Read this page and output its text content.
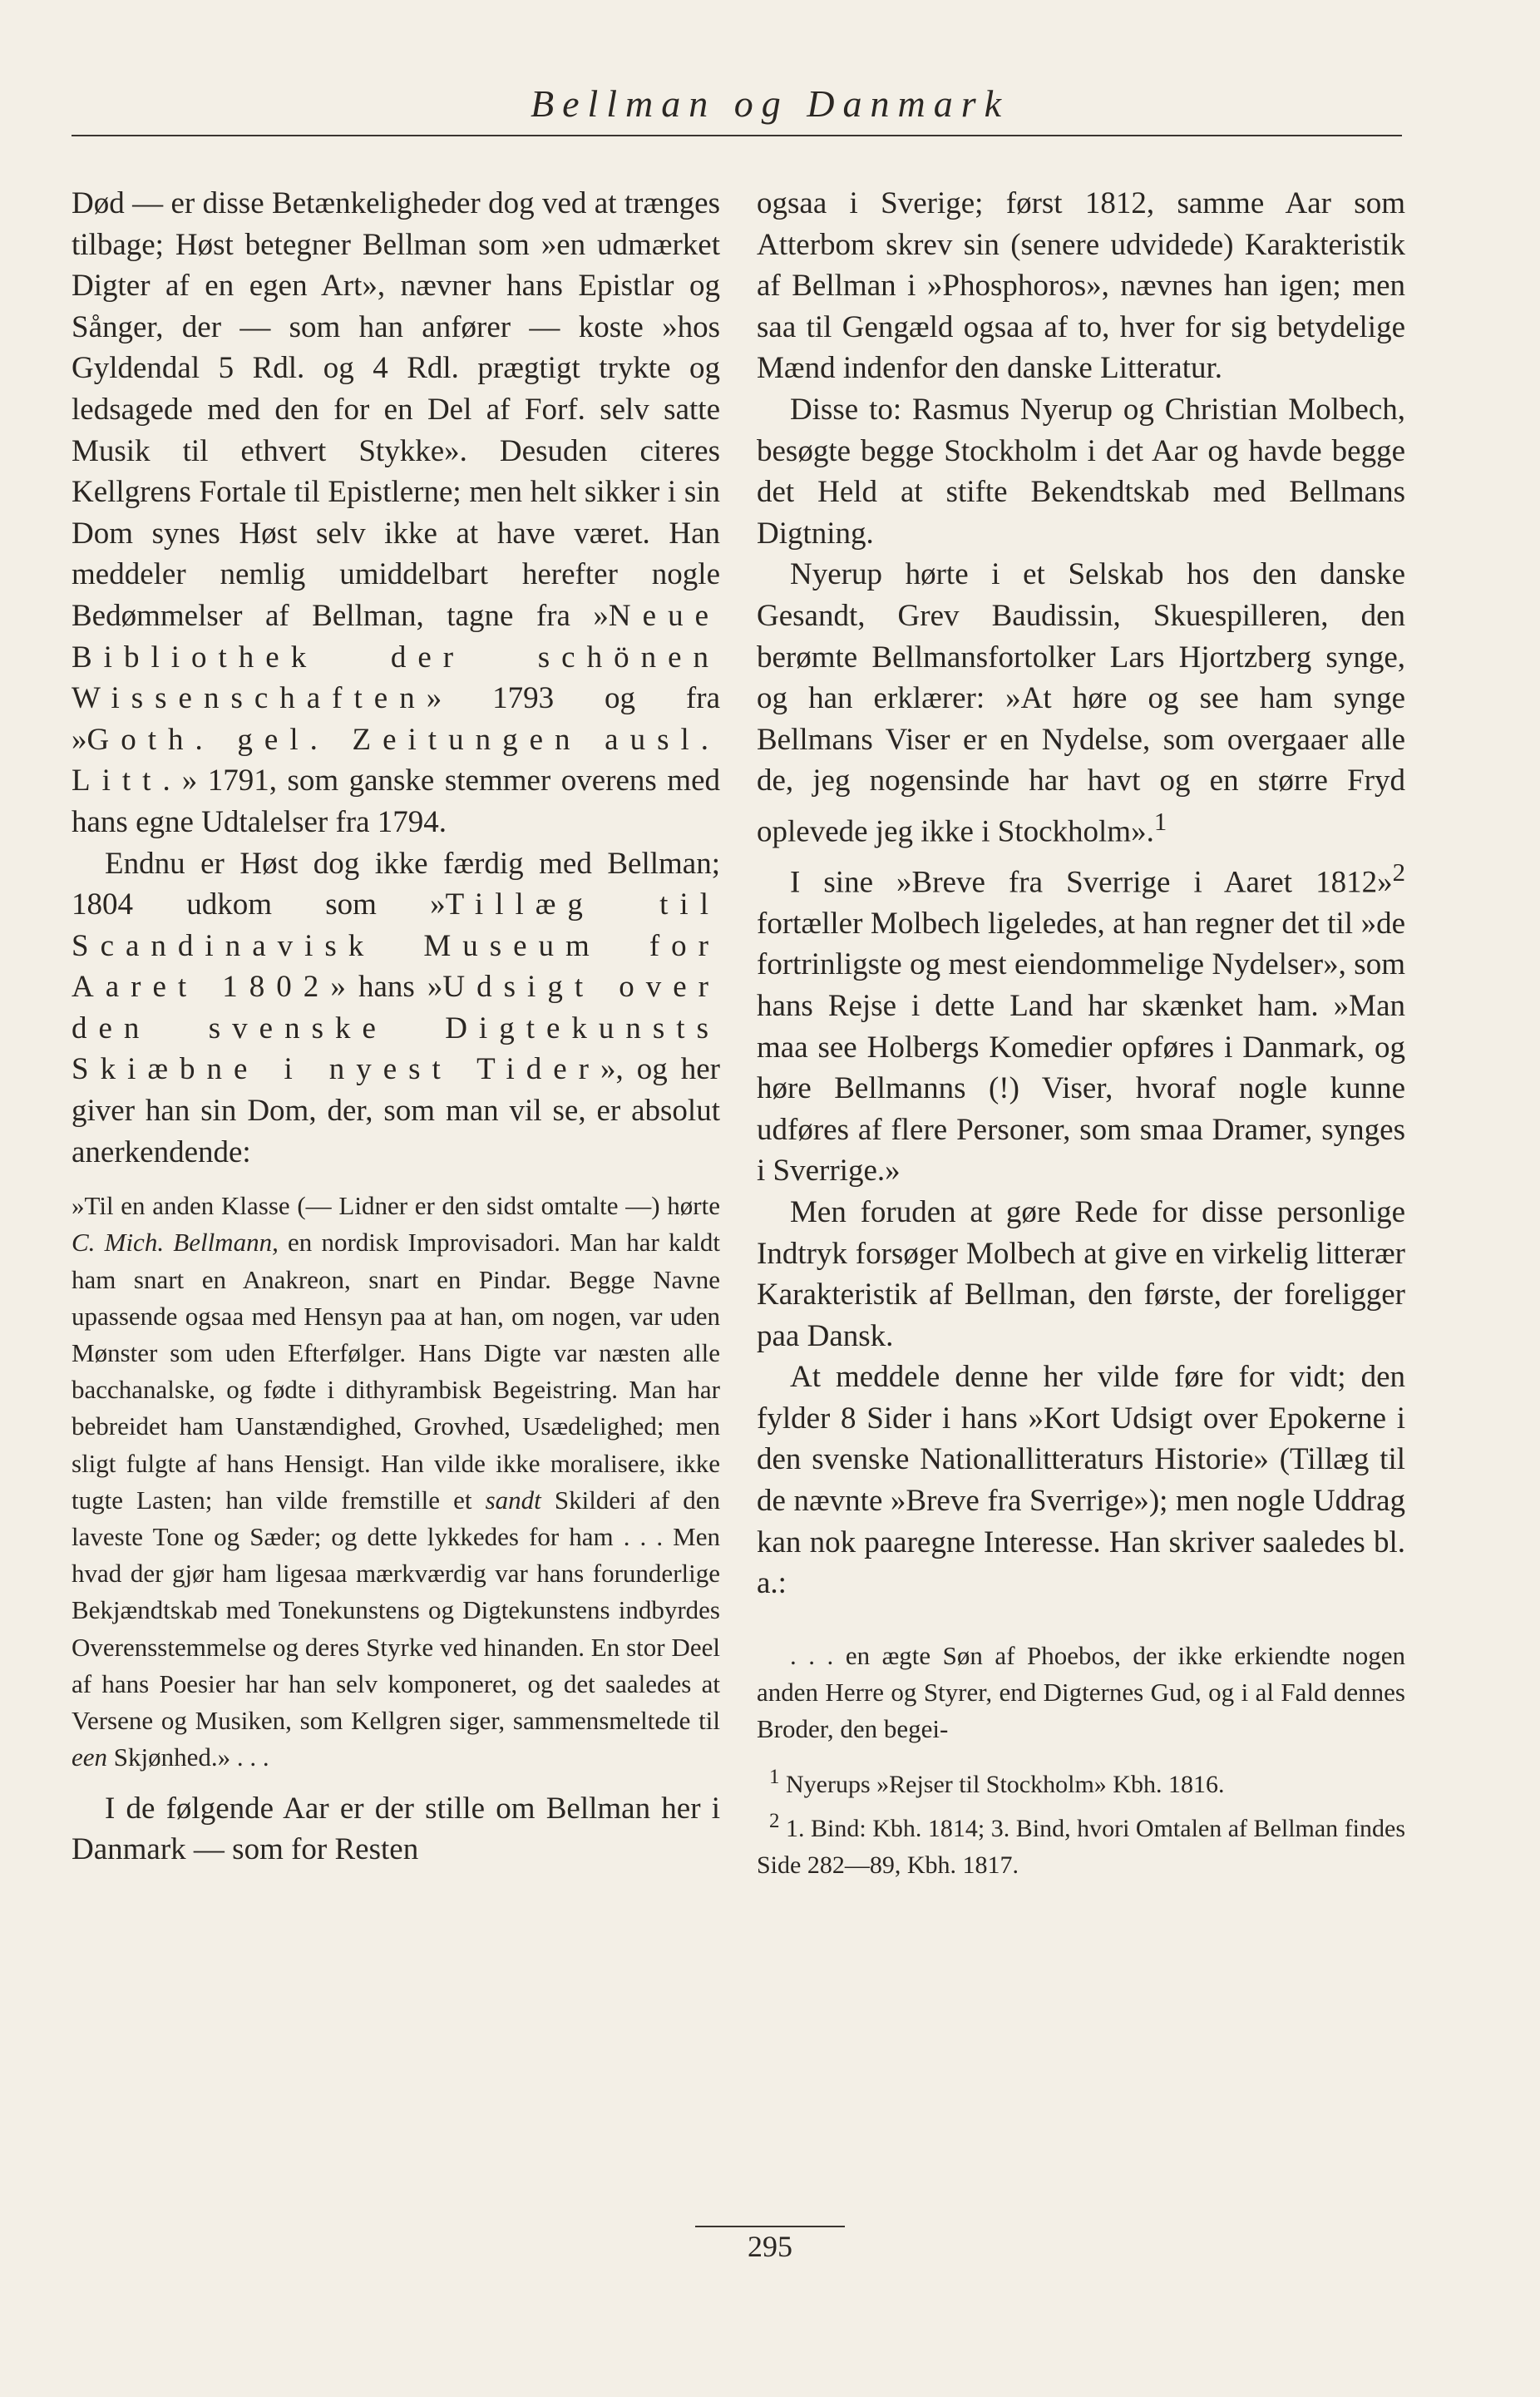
Bellman og Danmark

Død — er disse Betænkeligheder dog ved at trænges tilbage; Høst betegner Bellman som »en udmærket Digter af en egen Art», nævner hans Epistlar og Sånger, der — som han anfører — koste »hos Gyldendal 5 Rdl. og 4 Rdl. prægtigt trykte og ledsagede med den for en Del af Forf. selv satte Musik til ethvert Stykke». Desuden citeres Kellgrens Fortale til Epistlerne; men helt sikker i sin Dom synes Høst selv ikke at have været. Han meddeler nemlig umiddelbart herefter nogle Bedømmelser af Bellman, tagne fra »Neue Bibliothek der schönen Wissenschaften» 1793 og fra »Goth. gel. Zeitungen ausl. Litt.» 1791, som ganske stemmer overens med hans egne Udtalelser fra 1794.

Endnu er Høst dog ikke færdig med Bellman; 1804 udkom som »Tillæg til Scandinavisk Museum for Aaret 1802» hans »Udsigt over den svenske Digtekunsts Skiæbne i nyest Tider», og her giver han sin Dom, der, som man vil se, er absolut anerkendende:

»Til en anden Klasse (— Lidner er den sidst omtalte —) hørte C. Mich. Bellmann, en nordisk Improvisadori. Man har kaldt ham snart en Anakreon, snart en Pindar. Begge Navne upassende ogsaa med Hensyn paa at han, om nogen, var uden Mønster som uden Efterfølger. Hans Digte var næsten alle bacchanalske, og fødte i dithyrambisk Begeistring. Man har bebreidet ham Uanstændighed, Grovhed, Usædelighed; men sligt fulgte af hans Hensigt. Han vilde ikke moralisere, ikke tugte Lasten; han vilde fremstille et sandt Skilderi af den laveste Tone og Sæder; og dette lykkedes for ham . . . Men hvad der gjør ham ligesaa mærkværdig var hans forunderlige Bekjændtskab med Tonekunstens og Digtekunstens indbyrdes Overensstemmelse og deres Styrke ved hinanden. En stor Deel af hans Poesier har han selv komponeret, og det saaledes at Versene og Musiken, som Kellgren siger, sammensmeltede til een Skjønhed.» . . .

I de følgende Aar er der stille om Bellman her i Danmark — som for Resten

ogsaa i Sverige; først 1812, samme Aar som Atterbom skrev sin (senere udvidede) Karakteristik af Bellman i »Phosphoros», nævnes han igen; men saa til Gengæld ogsaa af to, hver for sig betydelige Mænd indenfor den danske Litteratur.

Disse to: Rasmus Nyerup og Christian Molbech, besøgte begge Stockholm i det Aar og havde begge det Held at stifte Bekendtskab med Bellmans Digtning.

Nyerup hørte i et Selskab hos den danske Gesandt, Grev Baudissin, Skuespilleren, den berømte Bellmansfortolker Lars Hjortzberg synge, og han erklærer: »At høre og see ham synge Bellmans Viser er en Nydelse, som overgaaer alle de, jeg nogensinde har havt og en større Fryd oplevede jeg ikke i Stockholm».$^1$

I sine »Breve fra Sverrige i Aaret 1812»$^2$ fortæller Molbech ligeledes, at han regner det til »de fortrinligste og mest eiendommelige Nydelser», som hans Rejse i dette Land har skænket ham. »Man maa see Holbergs Komedier opføres i Danmark, og høre Bellmanns (!) Viser, hvoraf nogle kunne udføres af flere Personer, som smaa Dramer, synges i Sverrige.»

Men foruden at gøre Rede for disse personlige Indtryk forsøger Molbech at give en virkelig litterær Karakteristik af Bellman, den første, der foreligger paa Dansk.

At meddele denne her vilde føre for vidt; den fylder 8 Sider i hans »Kort Udsigt over Epokerne i den svenske Nationallitteraturs Historie» (Tillæg til de nævnte »Breve fra Sverrige»); men nogle Uddrag kan nok paaregne Interesse. Han skriver saaledes bl. a.:

. . . en ægte Søn af Phoebos, der ikke erkiendte nogen anden Herre og Styrer, end Digternes Gud, og i al Fald dennes Broder, den begei-

$^1$ Nyerups »Rejser til Stockholm» Kbh. 1816.
$^2$ 1. Bind: Kbh. 1814; 3. Bind, hvori Omtalen af Bellman findes Side 282—89, Kbh. 1817.
295
